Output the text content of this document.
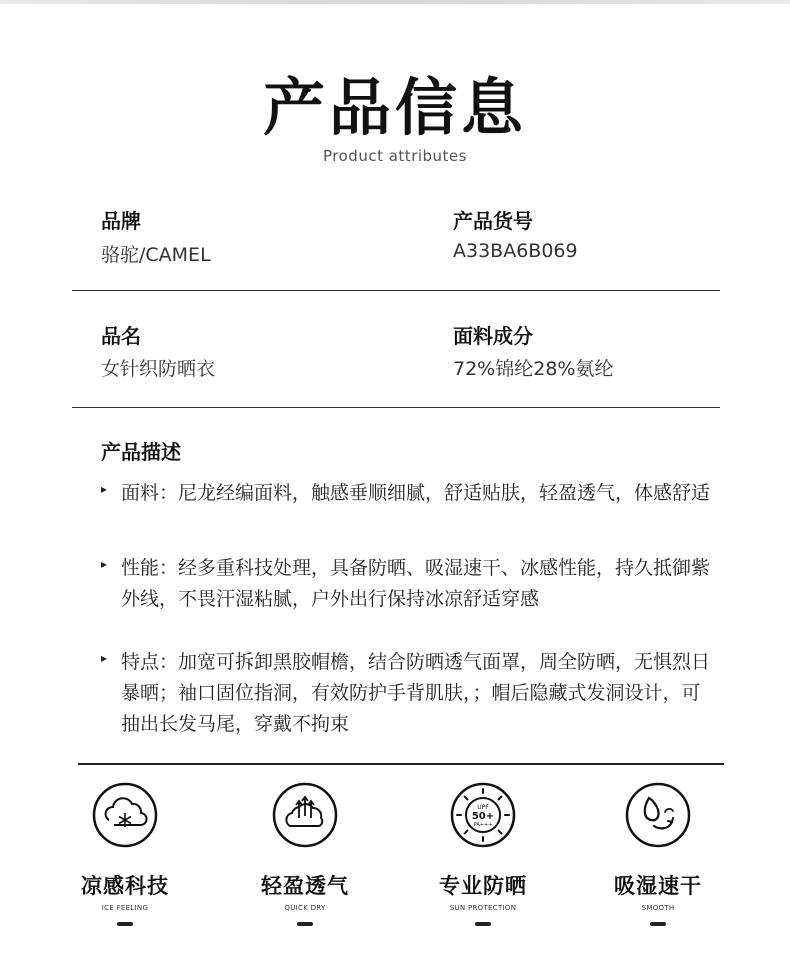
产品信息
Product attributes
品牌
骆驼/CAMEL
产品货号
A33BA6B069
品名
女针织防晒衣
面料成分
72%锦纶28%氨纶
产品描述
▸ 面料：尼龙经编面料，触感垂顺细腻，舒适贴肤，轻盈透气，体感舒适
▸ 性能：经多重科技处理，具备防晒、吸湿速干、冰感性能，持久抵御紫外线，不畏汗湿粘腻，户外出行保持冰凉舒适穿感
▸ 特点：加宽可拆卸黑胶帽檐，结合防晒透气面罩，周全防晒，无惧烈日暴晒；袖口固位指洞，有效防护手背肌肤，；帽后隐藏式发洞设计，可抽出长发马尾，穿戴不拘束
凉感科技
ICE FEELING
轻盈透气
QUICK DRY
UPF
50+
PA+++
专业防晒
SUN PROTECTION
吸湿速干
SMOOTH
